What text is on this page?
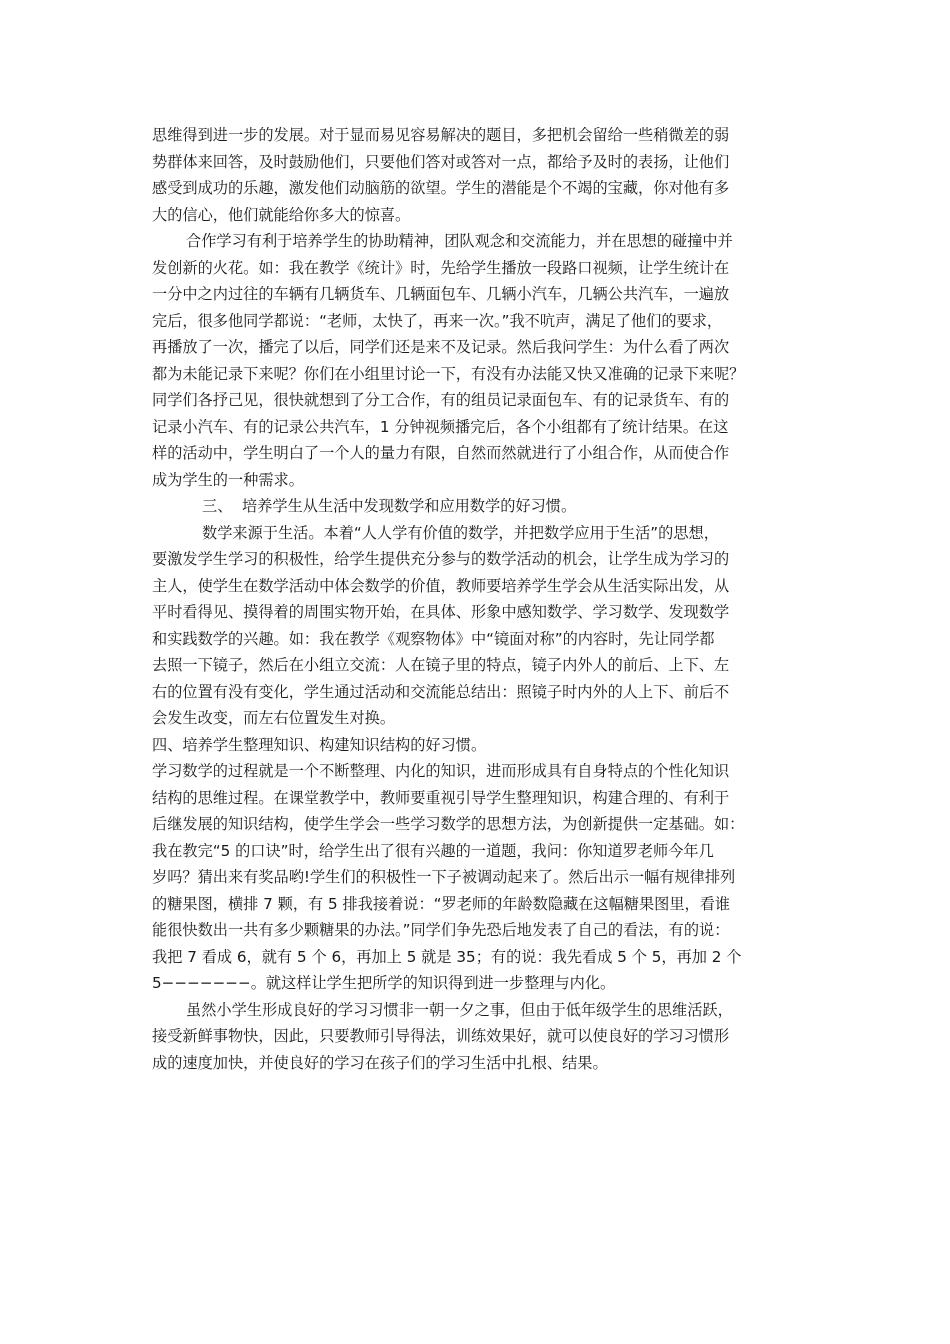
思维得到进一步的发展。对于显而易见容易解决的题目，多把机会留给一些稍微差的弱
势群体来回答，及时鼓励他们，只要他们答对或答对一点，都给予及时的表扬，让他们
感受到成功的乐趣，激发他们动脑筋的欲望。学生的潜能是个不竭的宝藏，你对他有多
大的信心，他们就能给你多大的惊喜。
合作学习有利于培养学生的协助精神，团队观念和交流能力，并在思想的碰撞中并
发创新的火花。如：我在教学《统计》时，先给学生播放一段路口视频，让学生统计在
一分中之内过往的车辆有几辆货车、几辆面包车、几辆小汽车，几辆公共汽车，一遍放
完后，很多他同学都说：“老师，太快了，再来一次。”我不吭声，满足了他们的要求，
再播放了一次，播完了以后，同学们还是来不及记录。然后我问学生：为什么看了两次
都为未能记录下来呢？你们在小组里讨论一下，有没有办法能又快又准确的记录下来呢？
同学们各抒己见，很快就想到了分工合作，有的组员记录面包车、有的记录货车、有的
记录小汽车、有的记录公共汽车，1 分钟视频播完后，各个小组都有了统计结果。在这
样的活动中，学生明白了一个人的量力有限，自然而然就进行了小组合作，从而使合作
成为学生的一种需求。
三、  培养学生从生活中发现数学和应用数学的好习惯。
数学来源于生活。本着“人人学有价值的数学，并把数学应用于生活”的思想，
要激发学生学习的积极性，给学生提供充分参与的数学活动的机会，让学生成为学习的
主人，使学生在数学活动中体会数学的价值，教师要培养学生学会从生活实际出发，从
平时看得见、摸得着的周围实物开始，在具体、形象中感知数学、学习数学、发现数学
和实践数学的兴趣。如：我在教学《观察物体》中“镜面对称”的内容时，先让同学都
去照一下镜子，然后在小组立交流：人在镜子里的特点，镜子内外人的前后、上下、左
右的位置有没有变化，学生通过活动和交流能总结出：照镜子时内外的人上下、前后不
会发生改变，而左右位置发生对换。
四、培养学生整理知识、构建知识结构的好习惯。
学习数学的过程就是一个不断整理、内化的知识，进而形成具有自身特点的个性化知识
结构的思维过程。在课堂教学中，教师要重视引导学生整理知识，构建合理的、有利于
后继发展的知识结构，使学生学会一些学习数学的思想方法，为创新提供一定基础。如：
我在教完“5 的口诀”时，给学生出了很有兴趣的一道题，我问：你知道罗老师今年几
岁吗？猜出来有奖品哟!学生们的积极性一下子被调动起来了。然后出示一幅有规律排列
的糖果图，横排 7 颗，有 5 排我接着说：“罗老师的年龄数隐藏在这幅糖果图里，看谁
能很快数出一共有多少颗糖果的办法。”同学们争先恐后地发表了自己的看法，有的说：
我把 7 看成 6，就有 5 个 6，再加上 5 就是 35；有的说：我先看成 5 个 5，再加 2 个
5−−−−−−−。就这样让学生把所学的知识得到进一步整理与内化。
虽然小学生形成良好的学习习惯非一朝一夕之事，但由于低年级学生的思维活跃，
接受新鲜事物快，因此，只要教师引导得法，训练效果好，就可以使良好的学习习惯形
成的速度加快，并使良好的学习在孩子们的学习生活中扎根、结果。
